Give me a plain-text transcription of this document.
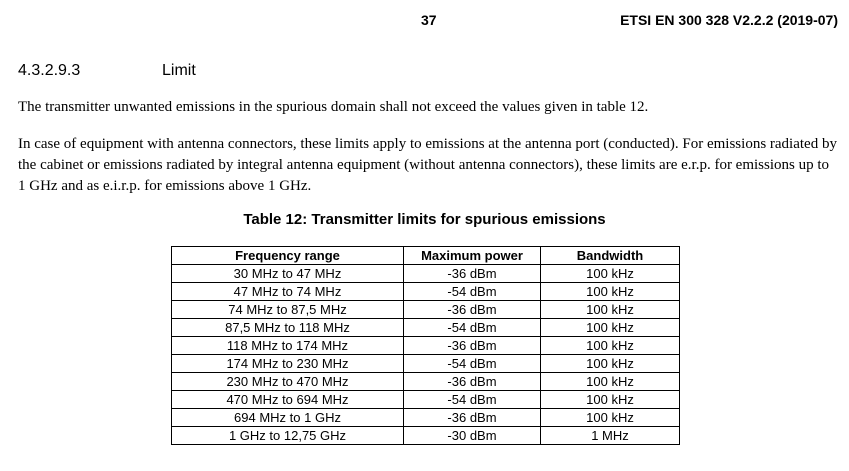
37	ETSI EN 300 328 V2.2.2 (2019-07)
4.3.2.9.3	Limit

The transmitter unwanted emissions in the spurious domain shall not exceed the values given in table 12.

In case of equipment with antenna connectors, these limits apply to emissions at the antenna port (conducted). For emissions radiated by the cabinet or emissions radiated by integral antenna equipment (without antenna connectors), these limits are e.r.p. for emissions up to 1 GHz and as e.i.r.p. for emissions above 1 GHz.

Table 12: Transmitter limits for spurious emissions
Frequency range	Maximum power	Bandwidth
30 MHz to 47 MHz	-36 dBm	100 kHz
47 MHz to 74 MHz	-54 dBm	100 kHz
74 MHz to 87,5 MHz	-36 dBm	100 kHz
87,5 MHz to 118 MHz	-54 dBm	100 kHz
118 MHz to 174 MHz	-36 dBm	100 kHz
174 MHz to 230 MHz	-54 dBm	100 kHz
230 MHz to 470 MHz	-36 dBm	100 kHz
470 MHz to 694 MHz	-54 dBm	100 kHz
694 MHz to 1 GHz	-36 dBm	100 kHz
1 GHz to 12,75 GHz	-30 dBm	1 MHz
